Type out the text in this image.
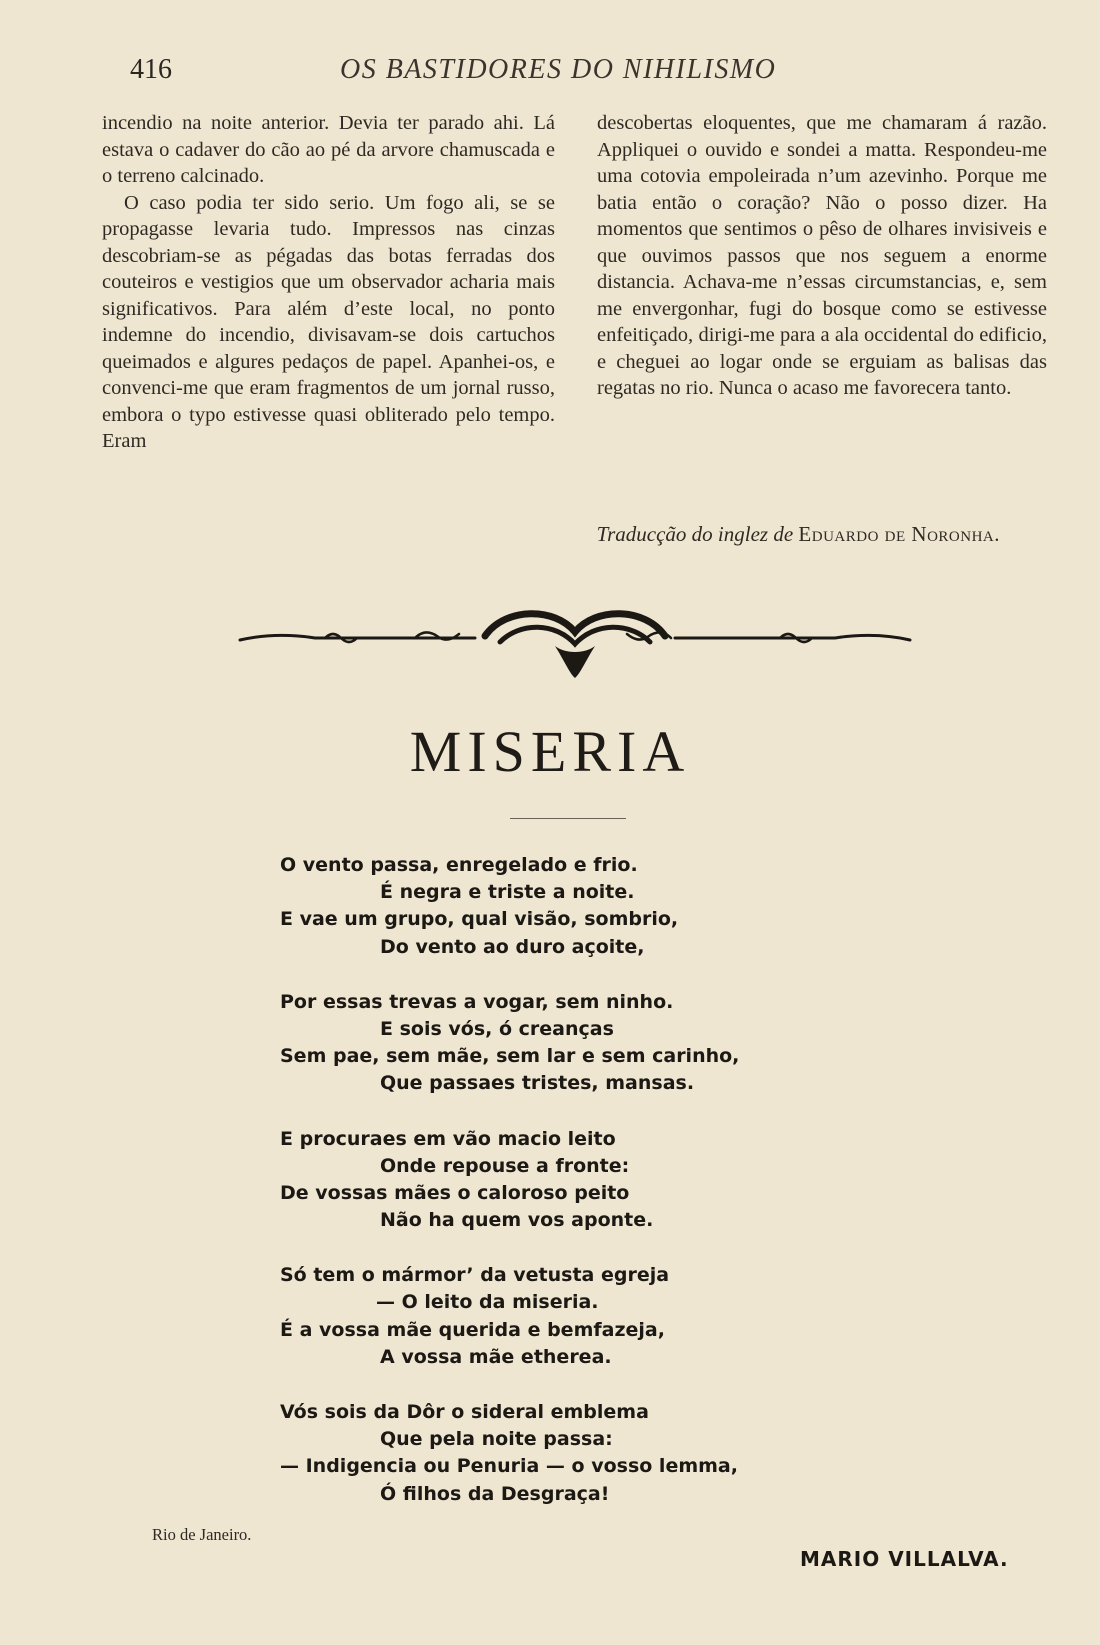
416	OS BASTIDORES DO NIHILISMO

incendio na noite anterior. Devia ter parado ahi. Lá estava o cadaver do cão ao pé da arvore chamuscada e o terreno calcinado.

O caso podia ter sido serio. Um fogo ali, se se propagasse levaria tudo. Impressos nas cinzas descobriam-se as pégadas das botas ferradas dos couteiros e vestigios que um observador acharia mais significativos. Para além d’este local, no ponto indemne do incendio, divisavam-se dois cartuchos queimados e algures pedaços de papel. Apanhei-os, e convenci-me que eram fragmentos de um jornal russo, embora o typo estivesse quasi obliterado pelo tempo. Eram

descobertas eloquentes, que me chamaram á razão. Appliquei o ouvido e sondei a matta. Respondeu-me uma cotovia empoleirada n’um azevinho. Porque me batia então o coração? Não o posso dizer. Ha momentos que sentimos o pêso de olhares invisiveis e que ouvimos passos que nos seguem a enorme distancia. Achava-me n’essas circumstancias, e, sem me envergonhar, fugi do bosque como se estivesse enfeitiçado, dirigi-me para a ala occidental do edificio, e cheguei ao logar onde se erguiam as balisas das regatas no rio. Nunca o acaso me favorecera tanto.

Traducção do inglez de Eduardo de Noronha.
MISERIA
O vento passa, enregelado e frio.
É negra e triste a noite.
E vae um grupo, qual visão, sombrio,
Do vento ao duro açoite,
Por essas trevas a vogar, sem ninho.
E sois vós, ó creanças
Sem pae, sem mãe, sem lar e sem carinho,
Que passaes tristes, mansas.
E procuraes em vão macio leito
Onde repouse a fronte:
De vossas mães o caloroso peito
Não ha quem vos aponte.
Só tem o mármor’ da vetusta egreja
— O leito da miseria.
É a vossa mãe querida e bemfazeja,
A vossa mãe etherea.
Vós sois da Dôr o sideral emblema
Que pela noite passa:
— Indigencia ou Penuria — o vosso lemma,
Ó filhos da Desgraça!
Rio de Janeiro.
MARIO VILLALVA.
